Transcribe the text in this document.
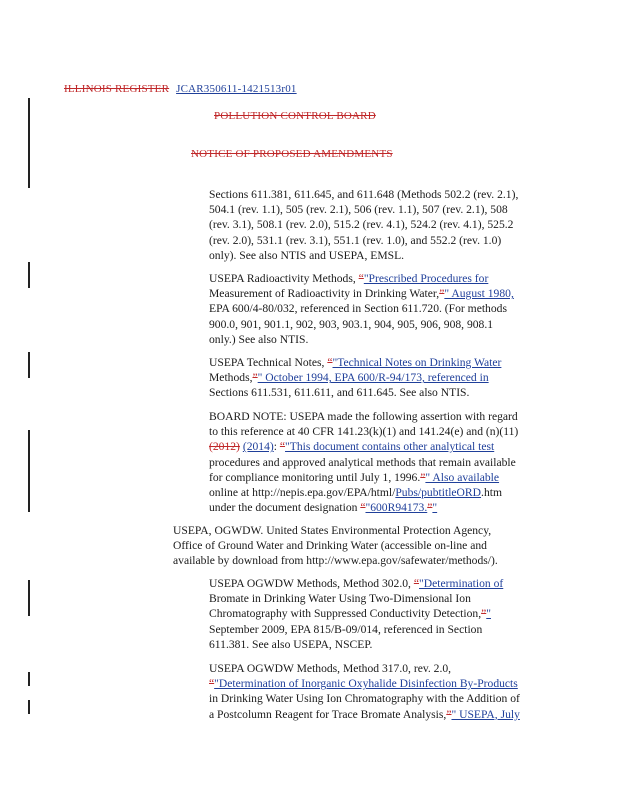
ILLINOIS REGISTER JCAR350611-1421513r01
POLLUTION CONTROL BOARD
NOTICE OF PROPOSED AMENDMENTS

Sections 611.381, 611.645, and 611.648 (Methods 502.2 (rev. 2.1),

504.1 (rev. 1.1), 505 (rev. 2.1), 506 (rev. 1.1), 507 (rev. 2.1), 508

(rev. 3.1), 508.1 (rev. 2.0), 515.2 (rev. 4.1), 524.2 (rev. 4.1), 525.2

(rev. 2.0), 531.1 (rev. 3.1), 551.1 (rev. 1.0), and 552.2 (rev. 1.0)

only). See also NTIS and USEPA, EMSL.

USEPA Radioactivity Methods, “"Prescribed Procedures for

Measurement of Radioactivity in Drinking Water,”" August 1980,

EPA 600/4-80/032, referenced in Section 611.720. (For methods

900.0, 901, 901.1, 902, 903, 903.1, 904, 905, 906, 908, 908.1

only.) See also NTIS.

USEPA Technical Notes, “"Technical Notes on Drinking Water

Methods,”" October 1994, EPA 600/R-94/173, referenced in

Sections 611.531, 611.611, and 611.645. See also NTIS.

BOARD NOTE: USEPA made the following assertion with regard

to this reference at 40 CFR 141.23(k)(1) and 141.24(e) and (n)(11)

(2012) (2014): “"This document contains other analytical test

procedures and approved analytical methods that remain available

for compliance monitoring until July 1, 1996.”" Also available

online at http://nepis.epa.gov/EPA/html/Pubs/pubtitleORD.htm

under the document designation “"600R94173.”"

USEPA, OGWDW. United States Environmental Protection Agency,

Office of Ground Water and Drinking Water (accessible on-line and

available by download from http://www.epa.gov/safewater/methods/).

USEPA OGWDW Methods, Method 302.0, “"Determination of

Bromate in Drinking Water Using Two-Dimensional Ion

Chromatography with Suppressed Conductivity Detection,”"

September 2009, EPA 815/B-09/014, referenced in Section

611.381. See also USEPA, NSCEP.

USEPA OGWDW Methods, Method 317.0, rev. 2.0,

“"Determination of Inorganic Oxyhalide Disinfection By-Products

in Drinking Water Using Ion Chromatography with the Addition of

a Postcolumn Reagent for Trace Bromate Analysis,”" USEPA, July
